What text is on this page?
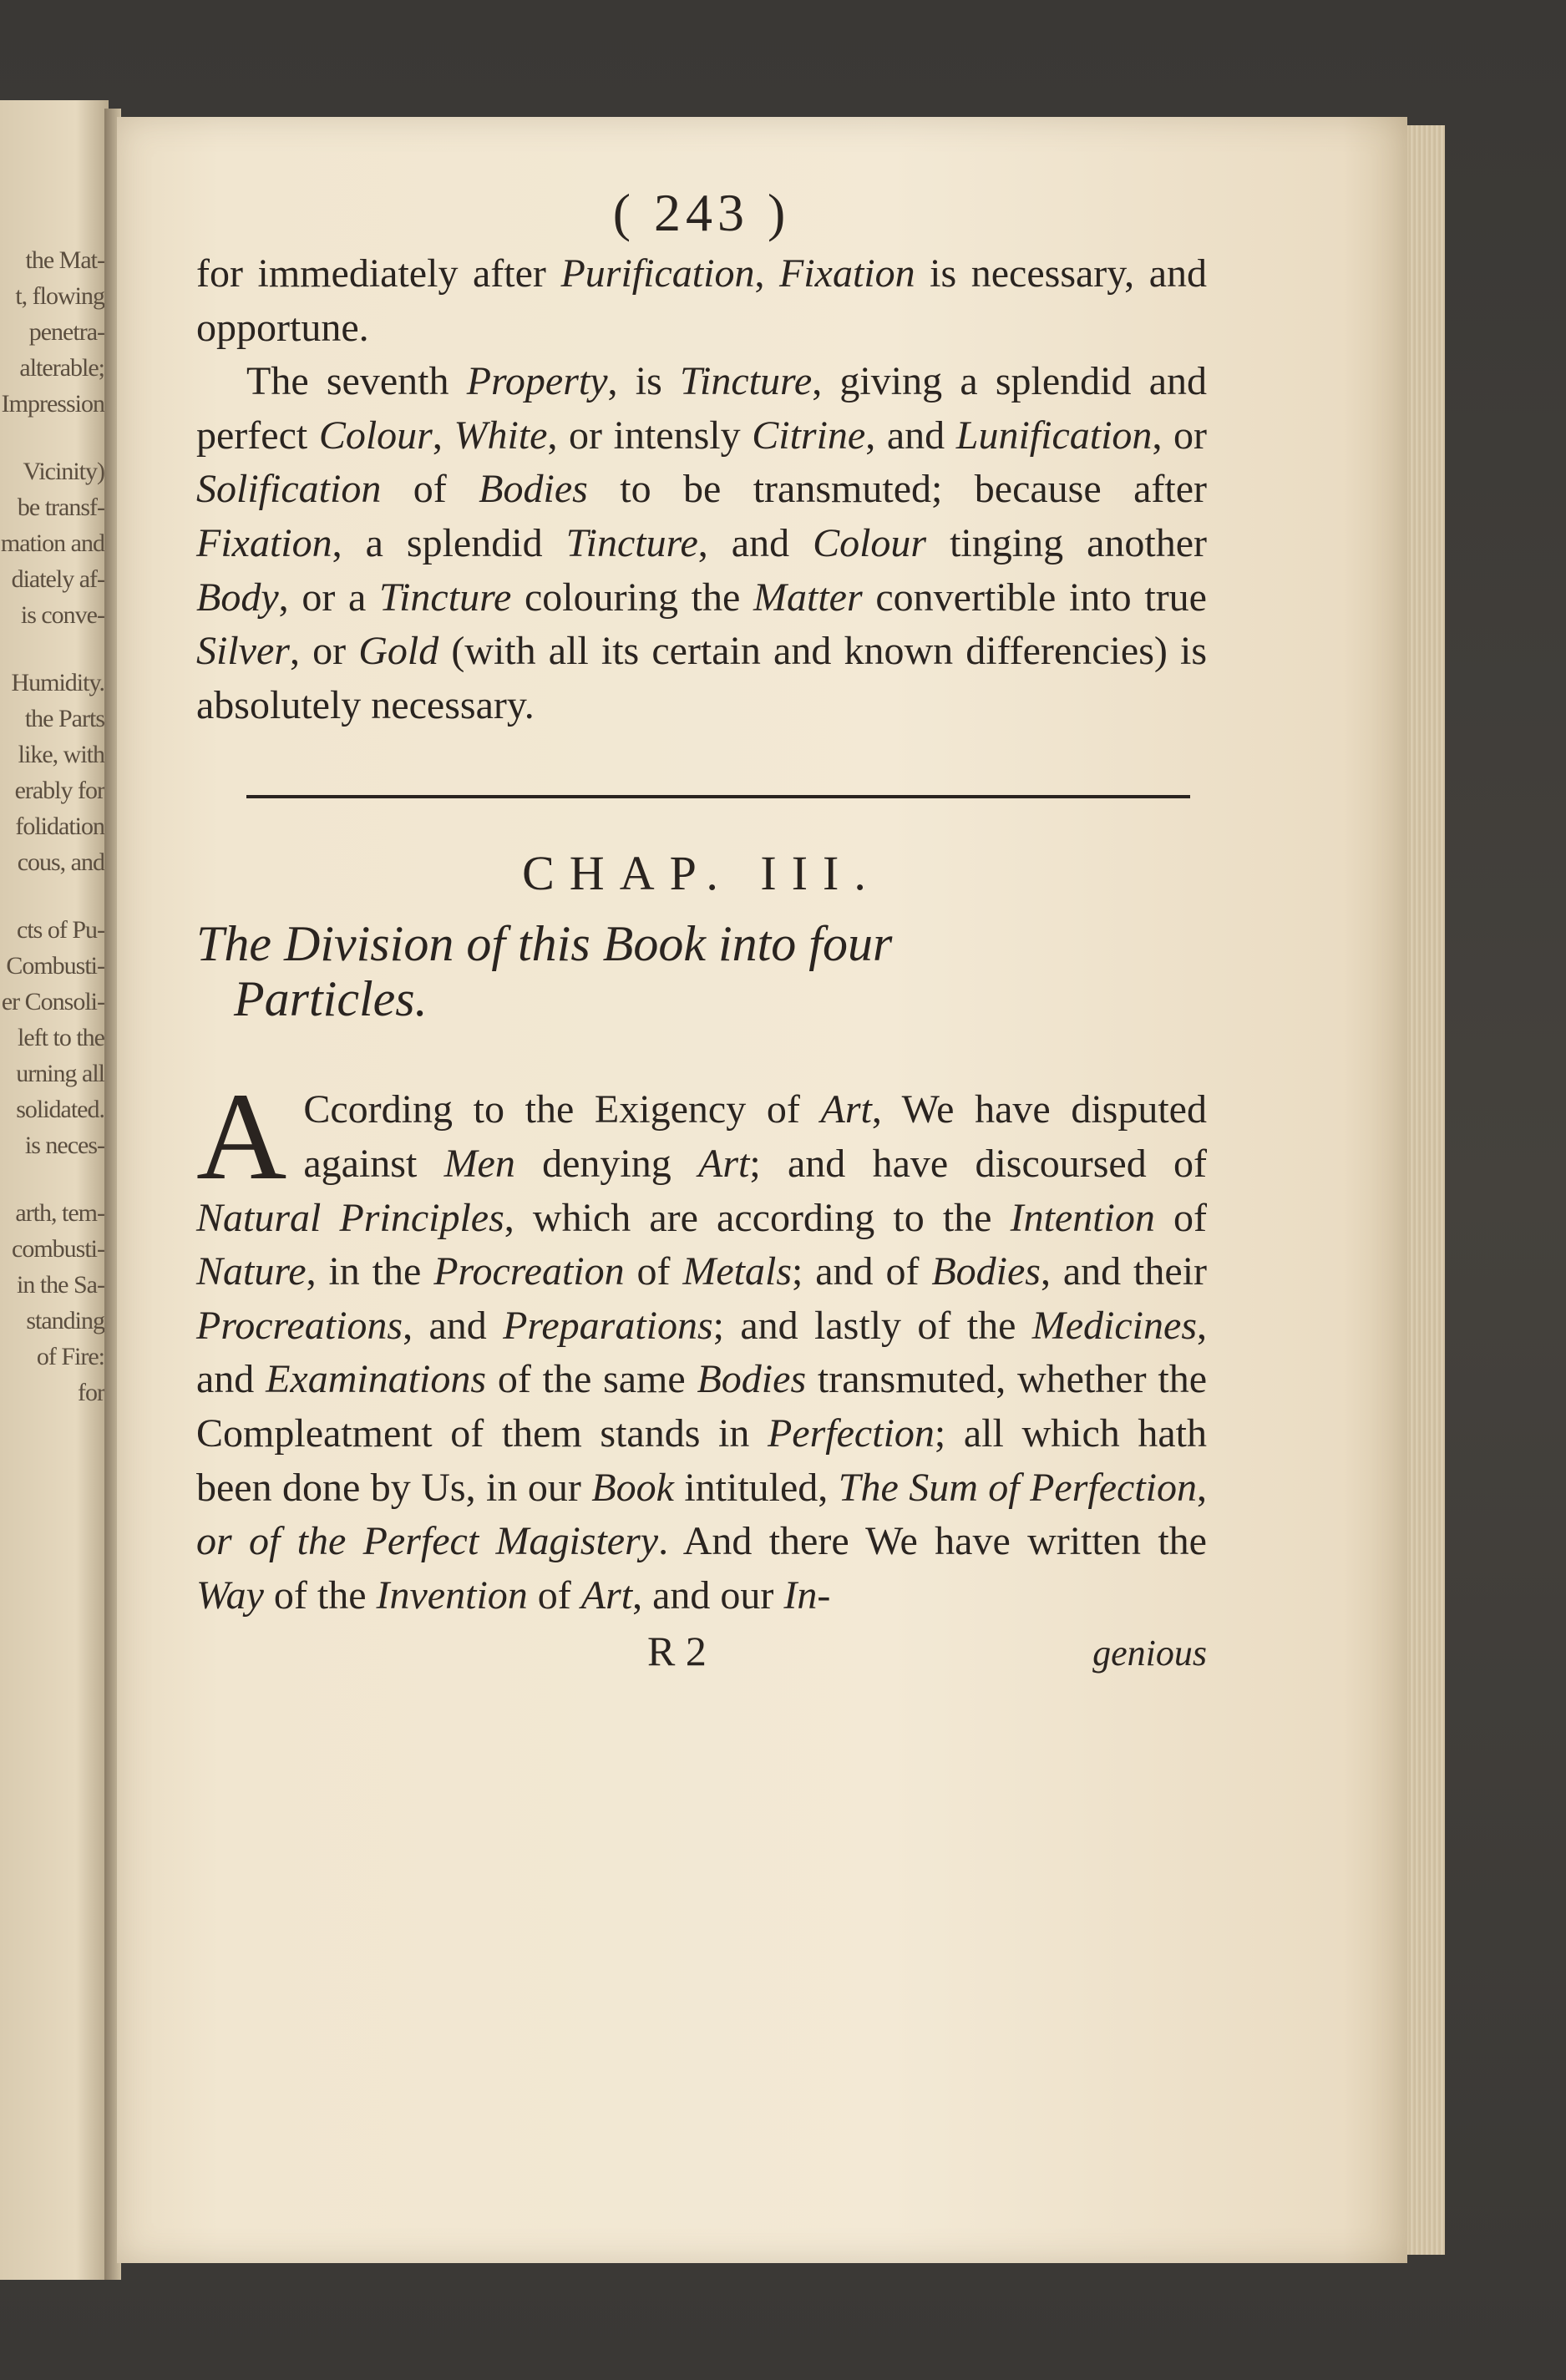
the Mat-
t, flowing
penetra-
alterable;
Impression
Vicinity)
be transf-
mation and
diately af-
is conve-
Humidity.
the Parts
like, with
erably for
folidation
cous, and
cts of Pu-
Combusti-
er Consoli-
left to the
urning all
solidated.
is neces-
arth, tem-
combusti-
in the Sa-
standing
of Fire:
for
( 243 )

for immediately after Purification, Fixation is necessary, and opportune.

The seventh Property, is Tincture, giving a splendid and perfect Colour, White, or intensly Citrine, and Lunification, or Solification of Bodies to be transmuted; because after Fixation, a splendid Tincture, and Colour tinging another Body, or a Tincture colouring the Matter convertible into true Silver, or Gold (with all its certain and known differencies) is absolutely necessary.

CHAP. III.
The Division of this Book into four
Particles.

A Ccording to the Exigency of Art, We have disputed against Men denying Art; and have discoursed of Natural Principles, which are according to the Intention of Nature, in the Procreation of Metals; and of Bodies, and their Procreations, and Preparations; and lastly of the Medicines, and Examinations of the same Bodies transmuted, whether the Compleatment of them stands in Perfection; all which hath been done by Us, in our Book intituled, The Sum of Perfection, or of the Perfect Magistery. And there We have written the Way of the Invention of Art, and our In-

R 2	genious
